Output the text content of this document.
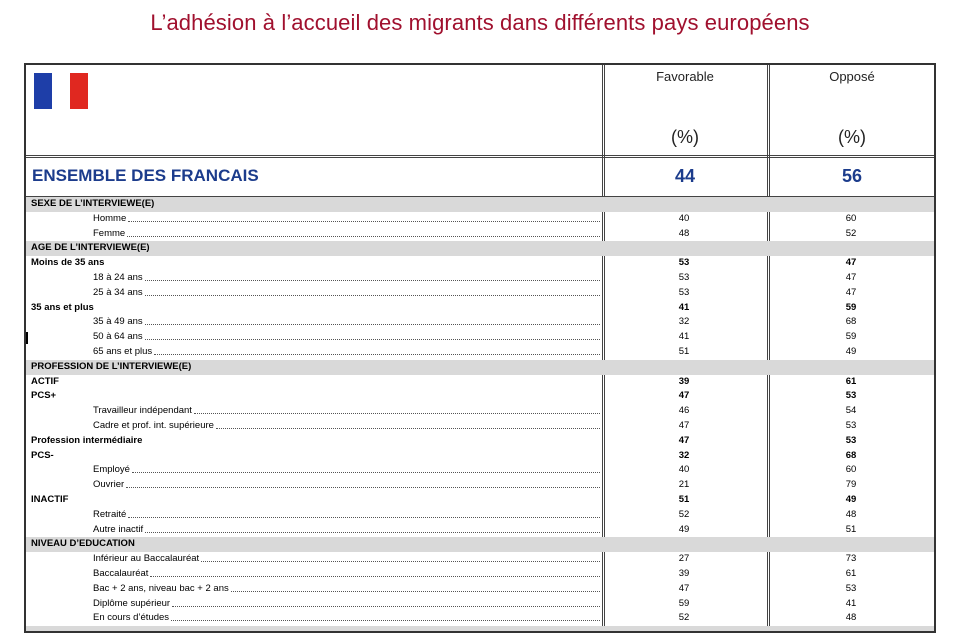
L’adhésion à l’accueil des migrants dans différents pays européens
Favorable	Opposé
(%)	(%)
ENSEMBLE DES FRANCAIS	44	56
SEXE DE L’INTERVIEWE(E)
Homme	40	60
Femme	48	52
AGE DE L’INTERVIEWE(E)
Moins de 35 ans	53	47
18 à 24 ans	53	47
25 à 34 ans	53	47
35 ans et plus	41	59
35 à 49 ans	32	68
50 à 64 ans	41	59
65 ans et plus	51	49
PROFESSION DE L’INTERVIEWE(E)
ACTIF	39	61
PCS+	47	53
Travailleur indépendant	46	54
Cadre et prof. int. supérieure	47	53
Profession intermédiaire	47	53
PCS-	32	68
Employé	40	60
Ouvrier	21	79
INACTIF	51	49
Retraité	52	48
Autre inactif	49	51
NIVEAU D’EDUCATION
Inférieur au Baccalauréat	27	73
Baccalauréat	39	61
Bac + 2 ans, niveau bac + 2 ans	47	53
Diplôme supérieur	59	41
En cours d’études	52	48
